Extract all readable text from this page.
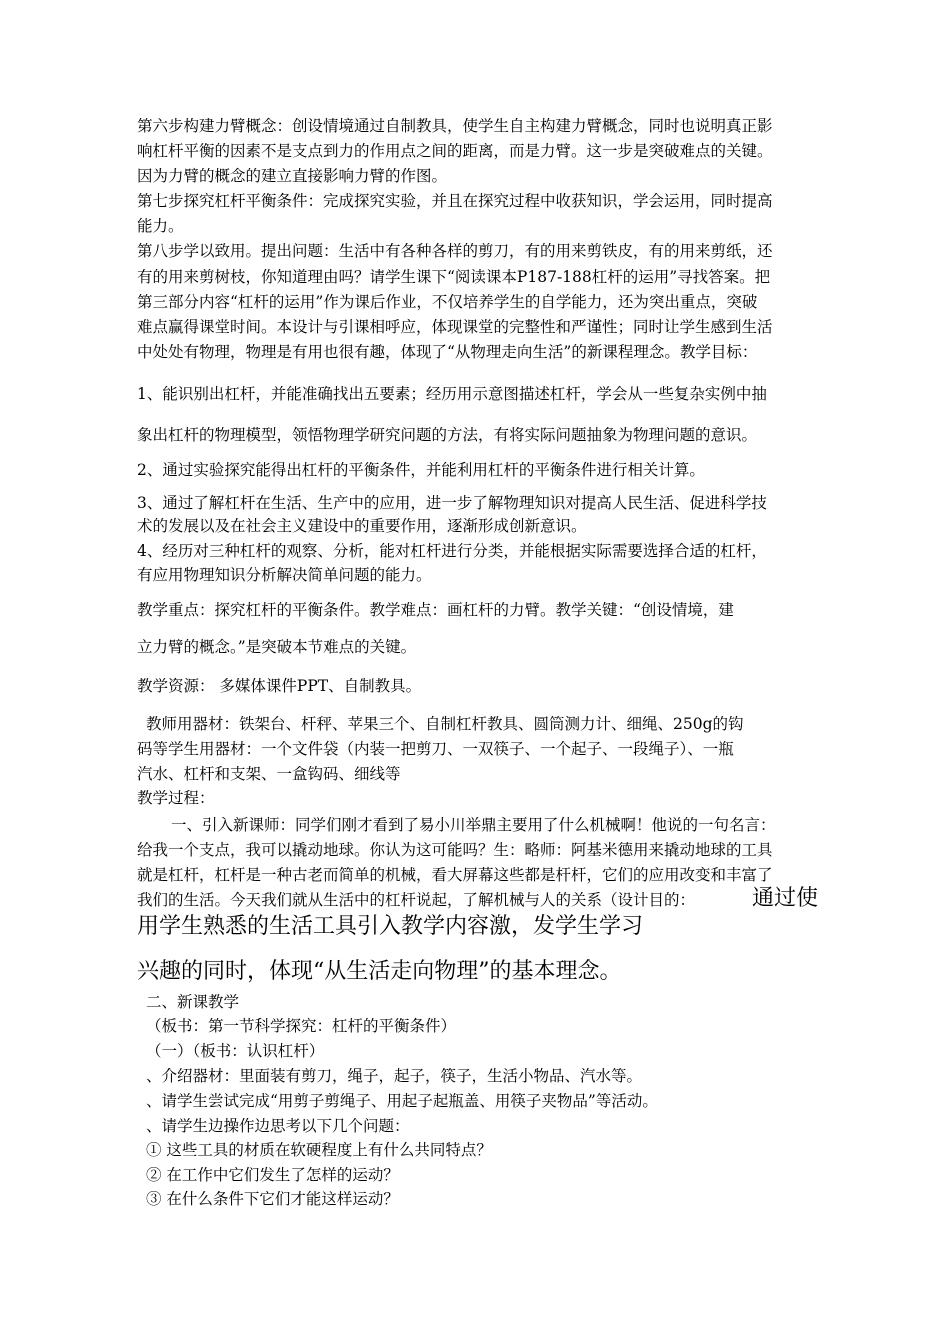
第六步构建力臂概念：创设情境通过自制教具，使学生自主构建力臂概念，同时也说明真正影
响杠杆平衡的因素不是支点到力的作用点之间的距离，而是力臂。这一步是突破难点的关键。
因为力臂的概念的建立直接影响力臂的作图。
第七步探究杠杆平衡条件：完成探究实验，并且在探究过程中收获知识，学会运用，同时提高
能力。
第八步学以致用。提出问题：生活中有各种各样的剪刀，有的用来剪铁皮，有的用来剪纸，还
有的用来剪树枝，你知道理由吗？请学生课下“阅读课本P187-188杠杆的运用”寻找答案。把
第三部分内容“杠杆的运用”作为课后作业，不仅培养学生的自学能力，还为突出重点，突破
难点赢得课堂时间。本设计与引课相呼应，体现课堂的完整性和严谨性；同时让学生感到生活
中处处有物理，物理是有用也很有趣，体现了“从物理走向生活”的新课程理念。教学目标：
1、能识别出杠杆，并能准确找出五要素；经历用示意图描述杠杆，学会从一些复杂实例中抽
象出杠杆的物理模型，领悟物理学研究问题的方法，有将实际问题抽象为物理问题的意识。
2、通过实验探究能得出杠杆的平衡条件，并能利用杠杆的平衡条件进行相关计算。
3、通过了解杠杆在生活、生产中的应用，进一步了解物理知识对提高人民生活、促进科学技
术的发展以及在社会主义建设中的重要作用，逐渐形成创新意识。
4、经历对三种杠杆的观察、分析，能对杠杆进行分类，并能根据实际需要选择合适的杠杆，
有应用物理知识分析解决简单问题的能力。
教学重点：探究杠杆的平衡条件。教学难点：画杠杆的力臂。教学关键：“创设情境，建
立力臂的概念。”是突破本节难点的关键。
教学资源： 多媒体课件PPT、自制教具。
教师用器材：铁架台、杆秤、苹果三个、自制杠杆教具、圆筒测力计、细绳、250g的钩
码等学生用器材：一个文件袋（内装一把剪刀、一双筷子、一个起子、一段绳子）、一瓶
汽水、杠杆和支架、一盒钩码、细线等
教学过程：
一、引入新课师：同学们刚才看到了易小川举鼎主要用了什么机械啊！他说的一句名言：
给我一个支点，我可以撬动地球。你认为这可能吗？生：略师：阿基米德用来撬动地球的工具
就是杠杆，杠杆是一种古老而简单的机械，看大屏幕这些都是杆杆，它们的应用改变和丰富了
我们的生活。今天我们就从生活中的杠杆说起，了解机械与人的关系（设计目的：	通过使
用学生熟悉的生活工具引入教学内容激，发学生学习
兴趣的同时，体现“从生活走向物理”的基本理念。
二、新课教学
（板书：第一节科学探究：杠杆的平衡条件）
（一）（板书：认识杠杆）
、介绍器材：里面装有剪刀，绳子，起子，筷子，生活小物品、汽水等。
、请学生尝试完成“用剪子剪绳子、用起子起瓶盖、用筷子夹物品”等活动。
、请学生边操作边思考以下几个问题：
① 这些工具的材质在软硬程度上有什么共同特点？
② 在工作中它们发生了怎样的运动？
③ 在什么条件下它们才能这样运动？
